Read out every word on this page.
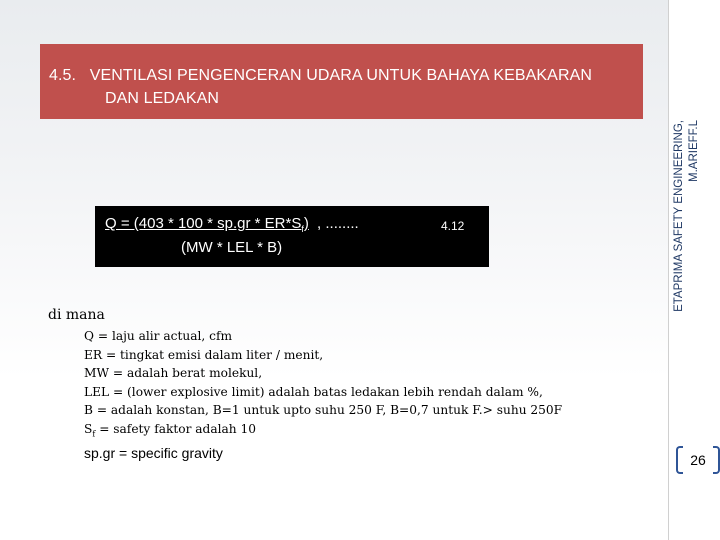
4.5.   VENTILASI PENGENCERAN UDARA UNTUK BAHAYA KEBAKARAN
DAN LEDAKAN
ETAPRIMA SAFETY ENGINEERING, M.ARIEFF.L
26
$Q = (403 * 100 * sp.gr * ER*S_f)$ , ........	4.12
(MW * LEL * B)
di mana
Q = laju alir actual, cfm
ER = tingkat emisi dalam liter / menit,
MW = adalah berat molekul,
LEL = (lower explosive limit) adalah batas ledakan lebih rendah dalam %,
B = adalah konstan, B=1 untuk upto suhu 250 F, B=0,7 untuk F.> suhu 250F
$S_f$ = safety faktor adalah 10
sp.gr = specific gravity
